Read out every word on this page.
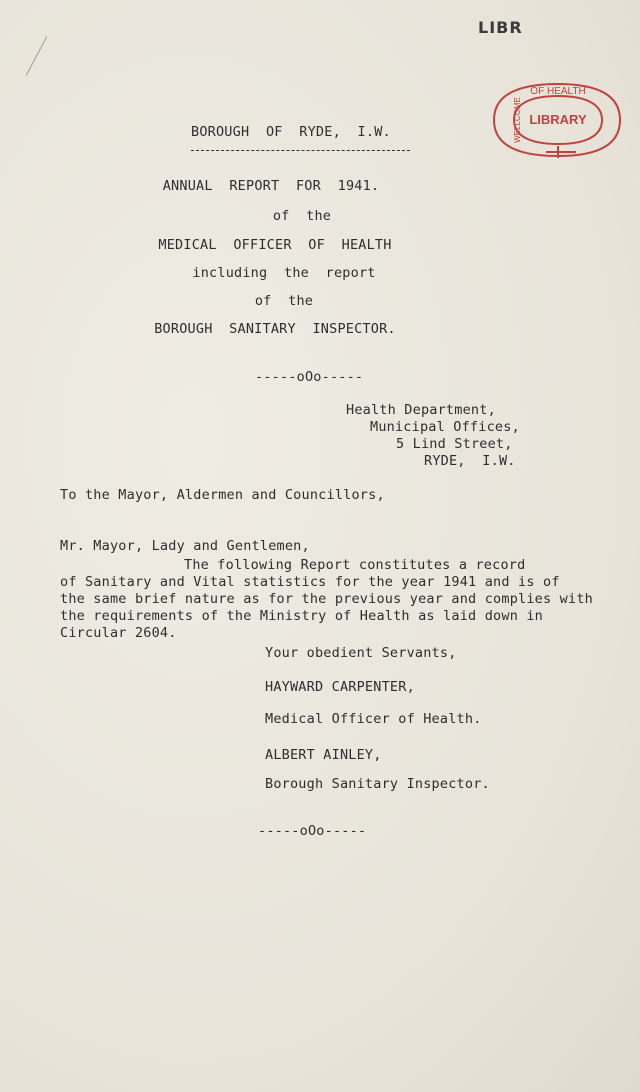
LIBR
OF HEALTH
LIBRARY
WELLCOME
BOROUGH  OF  RYDE,  I.W.
ANNUAL  REPORT  FOR  1941.
of  the
MEDICAL  OFFICER  OF  HEALTH
including  the  report
of  the
BOROUGH  SANITARY  INSPECTOR.
-----oOo-----
Health Department,
Municipal Offices,
5 Lind Street,
RYDE,  I.W.
To the Mayor, Aldermen and Councillors,
Mr. Mayor, Lady and Gentlemen,
The following Report constitutes a record
of Sanitary and Vital statistics for the year 1941 and is of
the same brief nature as for the previous year and complies with
the requirements of the Ministry of Health as laid down in
Circular 2604.
Your obedient Servants,
HAYWARD CARPENTER,
Medical Officer of Health.
ALBERT AINLEY,
Borough Sanitary Inspector.
-----oOo-----
